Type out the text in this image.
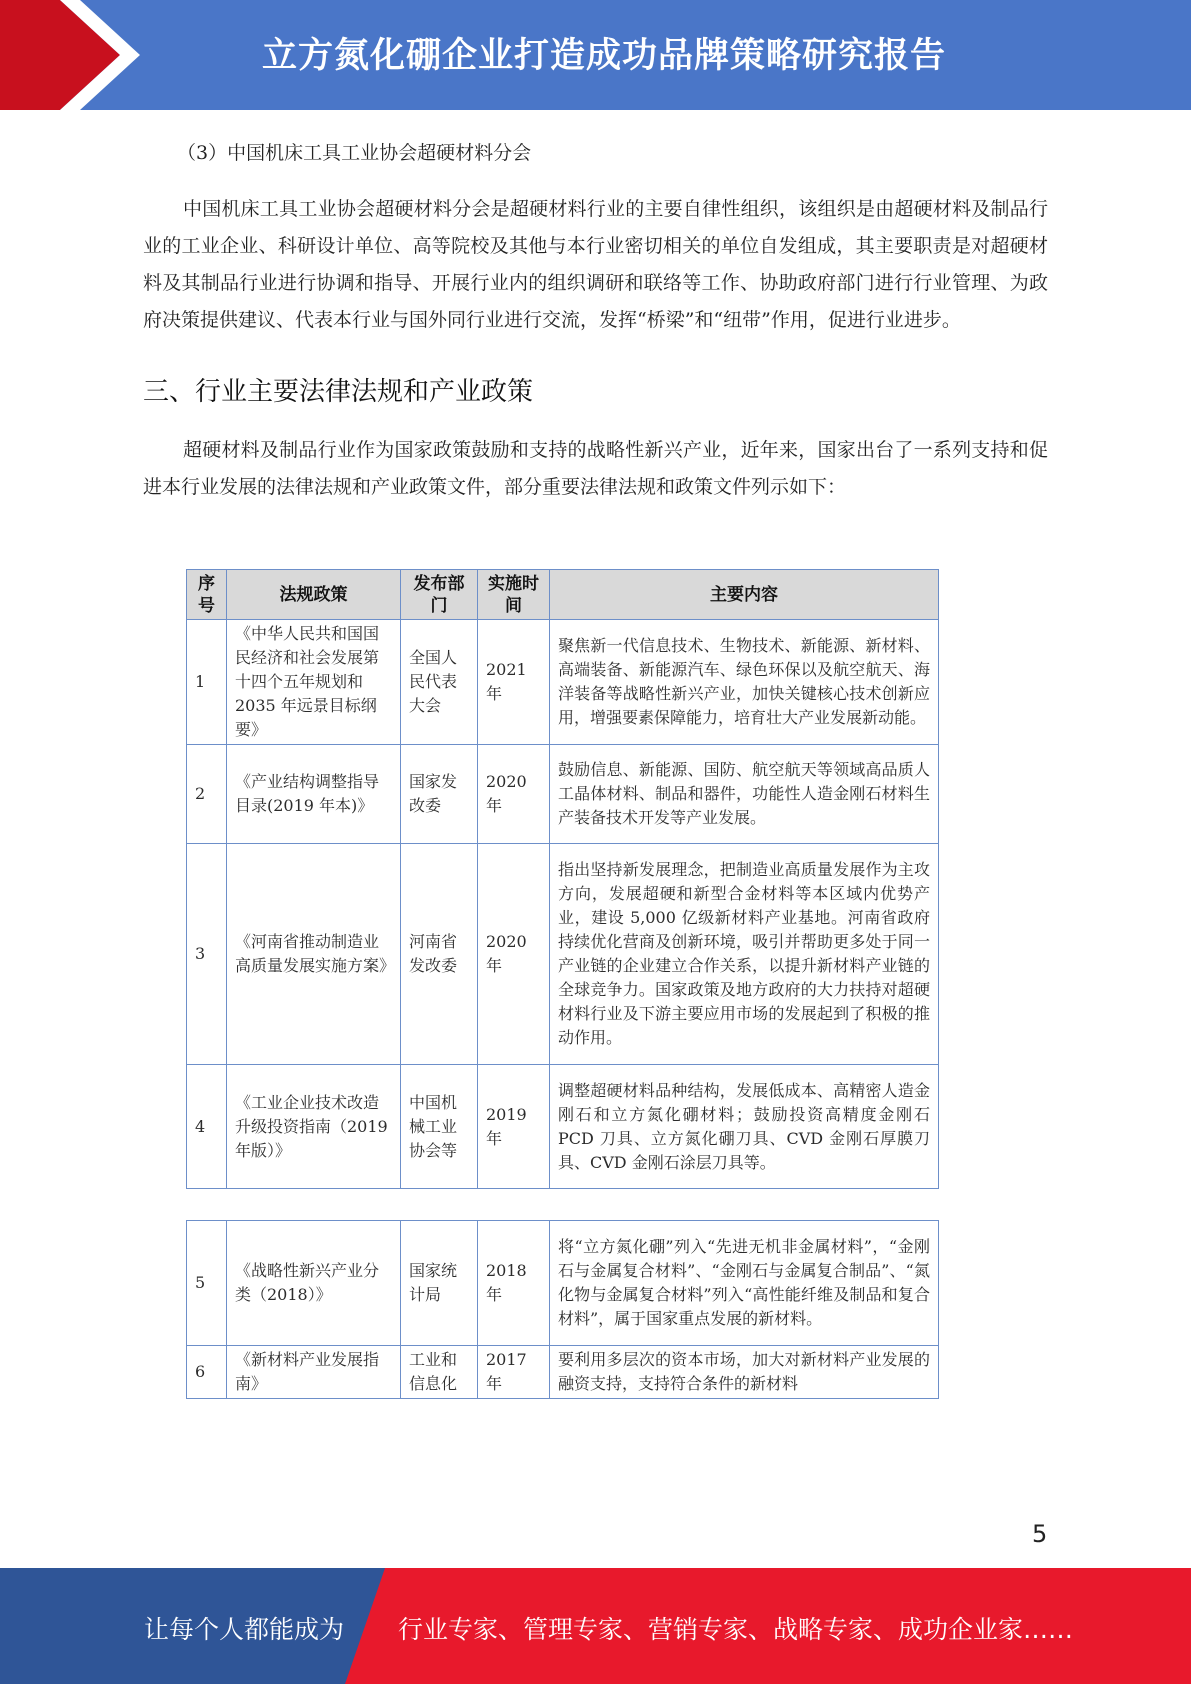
立方氮化硼企业打造成功品牌策略研究报告
（3）中国机床工具工业协会超硬材料分会
中国机床工具工业协会超硬材料分会是超硬材料行业的主要自律性组织，该组织是由超硬材料及制品行业的工业企业、科研设计单位、高等院校及其他与本行业密切相关的单位自发组成，其主要职责是对超硬材料及其制品行业进行协调和指导、开展行业内的组织调研和联络等工作、协助政府部门进行行业管理、为政府决策提供建议、代表本行业与国外同行业进行交流，发挥“桥梁”和“纽带”作用，促进行业进步。
三、行业主要法律法规和产业政策
超硬材料及制品行业作为国家政策鼓励和支持的战略性新兴产业，近年来，国家出台了一系列支持和促进本行业发展的法律法规和产业政策文件，部分重要法律法规和政策文件列示如下：
序号	法规政策	发布部门	实施时间	主要内容
1	《中华人民共和国国民经济和社会发展第十四个五年规划和 2035 年远景目标纲要》	全国人民代表大会	2021年	聚焦新一代信息技术、生物技术、新能源、新材料、高端装备、新能源汽车、绿色环保以及航空航天、海洋装备等战略性新兴产业，加快关键核心技术创新应用，增强要素保障能力，培育壮大产业发展新动能。
2	《产业结构调整指导目录(2019 年本)》	国家发改委	2020年	鼓励信息、新能源、国防、航空航天等领域高品质人工晶体材料、制品和器件，功能性人造金刚石材料生产装备技术开发等产业发展。
3	《河南省推动制造业高质量发展实施方案》	河南省发改委	2020年	指出坚持新发展理念，把制造业高质量发展作为主攻方向，发展超硬和新型合金材料等本区域内优势产业，建设 5,000 亿级新材料产业基地。河南省政府持续优化营商及创新环境，吸引并帮助更多处于同一产业链的企业建立合作关系，以提升新材料产业链的全球竞争力。国家政策及地方政府的大力扶持对超硬材料行业及下游主要应用市场的发展起到了积极的推动作用。
4	《工业企业技术改造升级投资指南（2019年版）》	中国机械工业协会等	2019年	调整超硬材料品种结构，发展低成本、高精密人造金刚石和立方氮化硼材料；鼓励投资高精度金刚石 PCD 刀具、立方氮化硼刀具、CVD 金刚石厚膜刀具、CVD 金刚石涂层刀具等。
5	《战略性新兴产业分类（2018）》	国家统计局	2018年	将“立方氮化硼”列入“先进无机非金属材料”，“金刚石与金属复合材料”、“金刚石与金属复合制品”、“氮化物与金属复合材料”列入“高性能纤维及制品和复合材料”，属于国家重点发展的新材料。
6	《新材料产业发展指南》	工业和信息化	2017年	要利用多层次的资本市场，加大对新材料产业发展的融资支持，支持符合条件的新材料
5
让每个人都能成为 行业专家、管理专家、营销专家、战略专家、成功企业家……
